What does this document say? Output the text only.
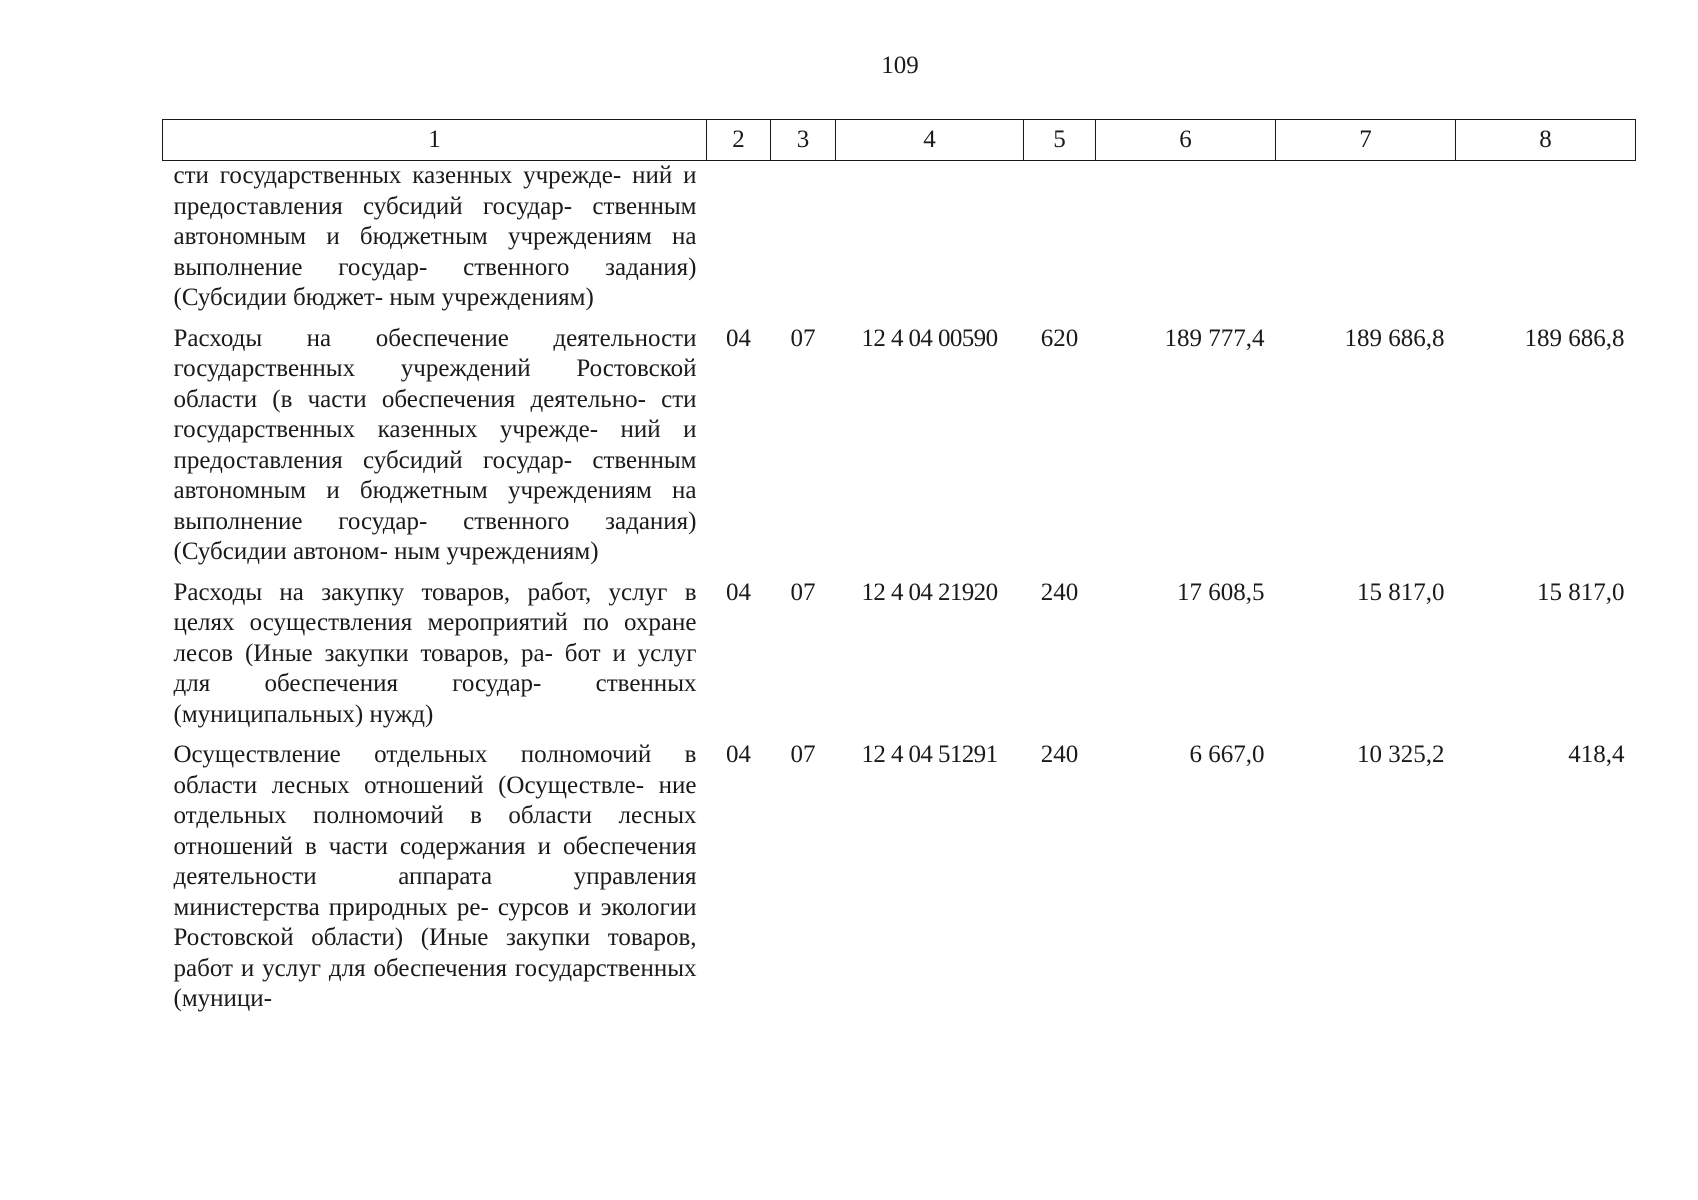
109
1	2	3	4	5	6	7	8
сти государственных казенных учрежде- ний и предоставления субсидий государ- ственным автономным и бюджетным учреждениям на выполнение государ- ственного задания) (Субсидии бюджет- ным учреждениям)							
Расходы на обеспечение деятельности государственных учреждений Ростовской области (в части обеспечения деятельно- сти государственных казенных учрежде- ний и предоставления субсидий государ- ственным автономным и бюджетным учреждениям на выполнение государ- ственного задания) (Субсидии автоном- ным учреждениям)	04	07	12 4 04 00590	620	189 777,4	189 686,8	189 686,8
Расходы на закупку товаров, работ, услуг в целях осуществления мероприятий по охране лесов (Иные закупки товаров, ра- бот и услуг для обеспечения государ- ственных (муниципальных) нужд)	04	07	12 4 04 21920	240	17 608,5	15 817,0	15 817,0
Осуществление отдельных полномочий в области лесных отношений (Осуществле- ние отдельных полномочий в области лесных отношений в части содержания и обеспечения деятельности аппарата управления министерства природных ре- сурсов и экологии Ростовской области) (Иные закупки товаров, работ и услуг для обеспечения государственных (муници-	04	07	12 4 04 51291	240	6 667,0	10 325,2	418,4
